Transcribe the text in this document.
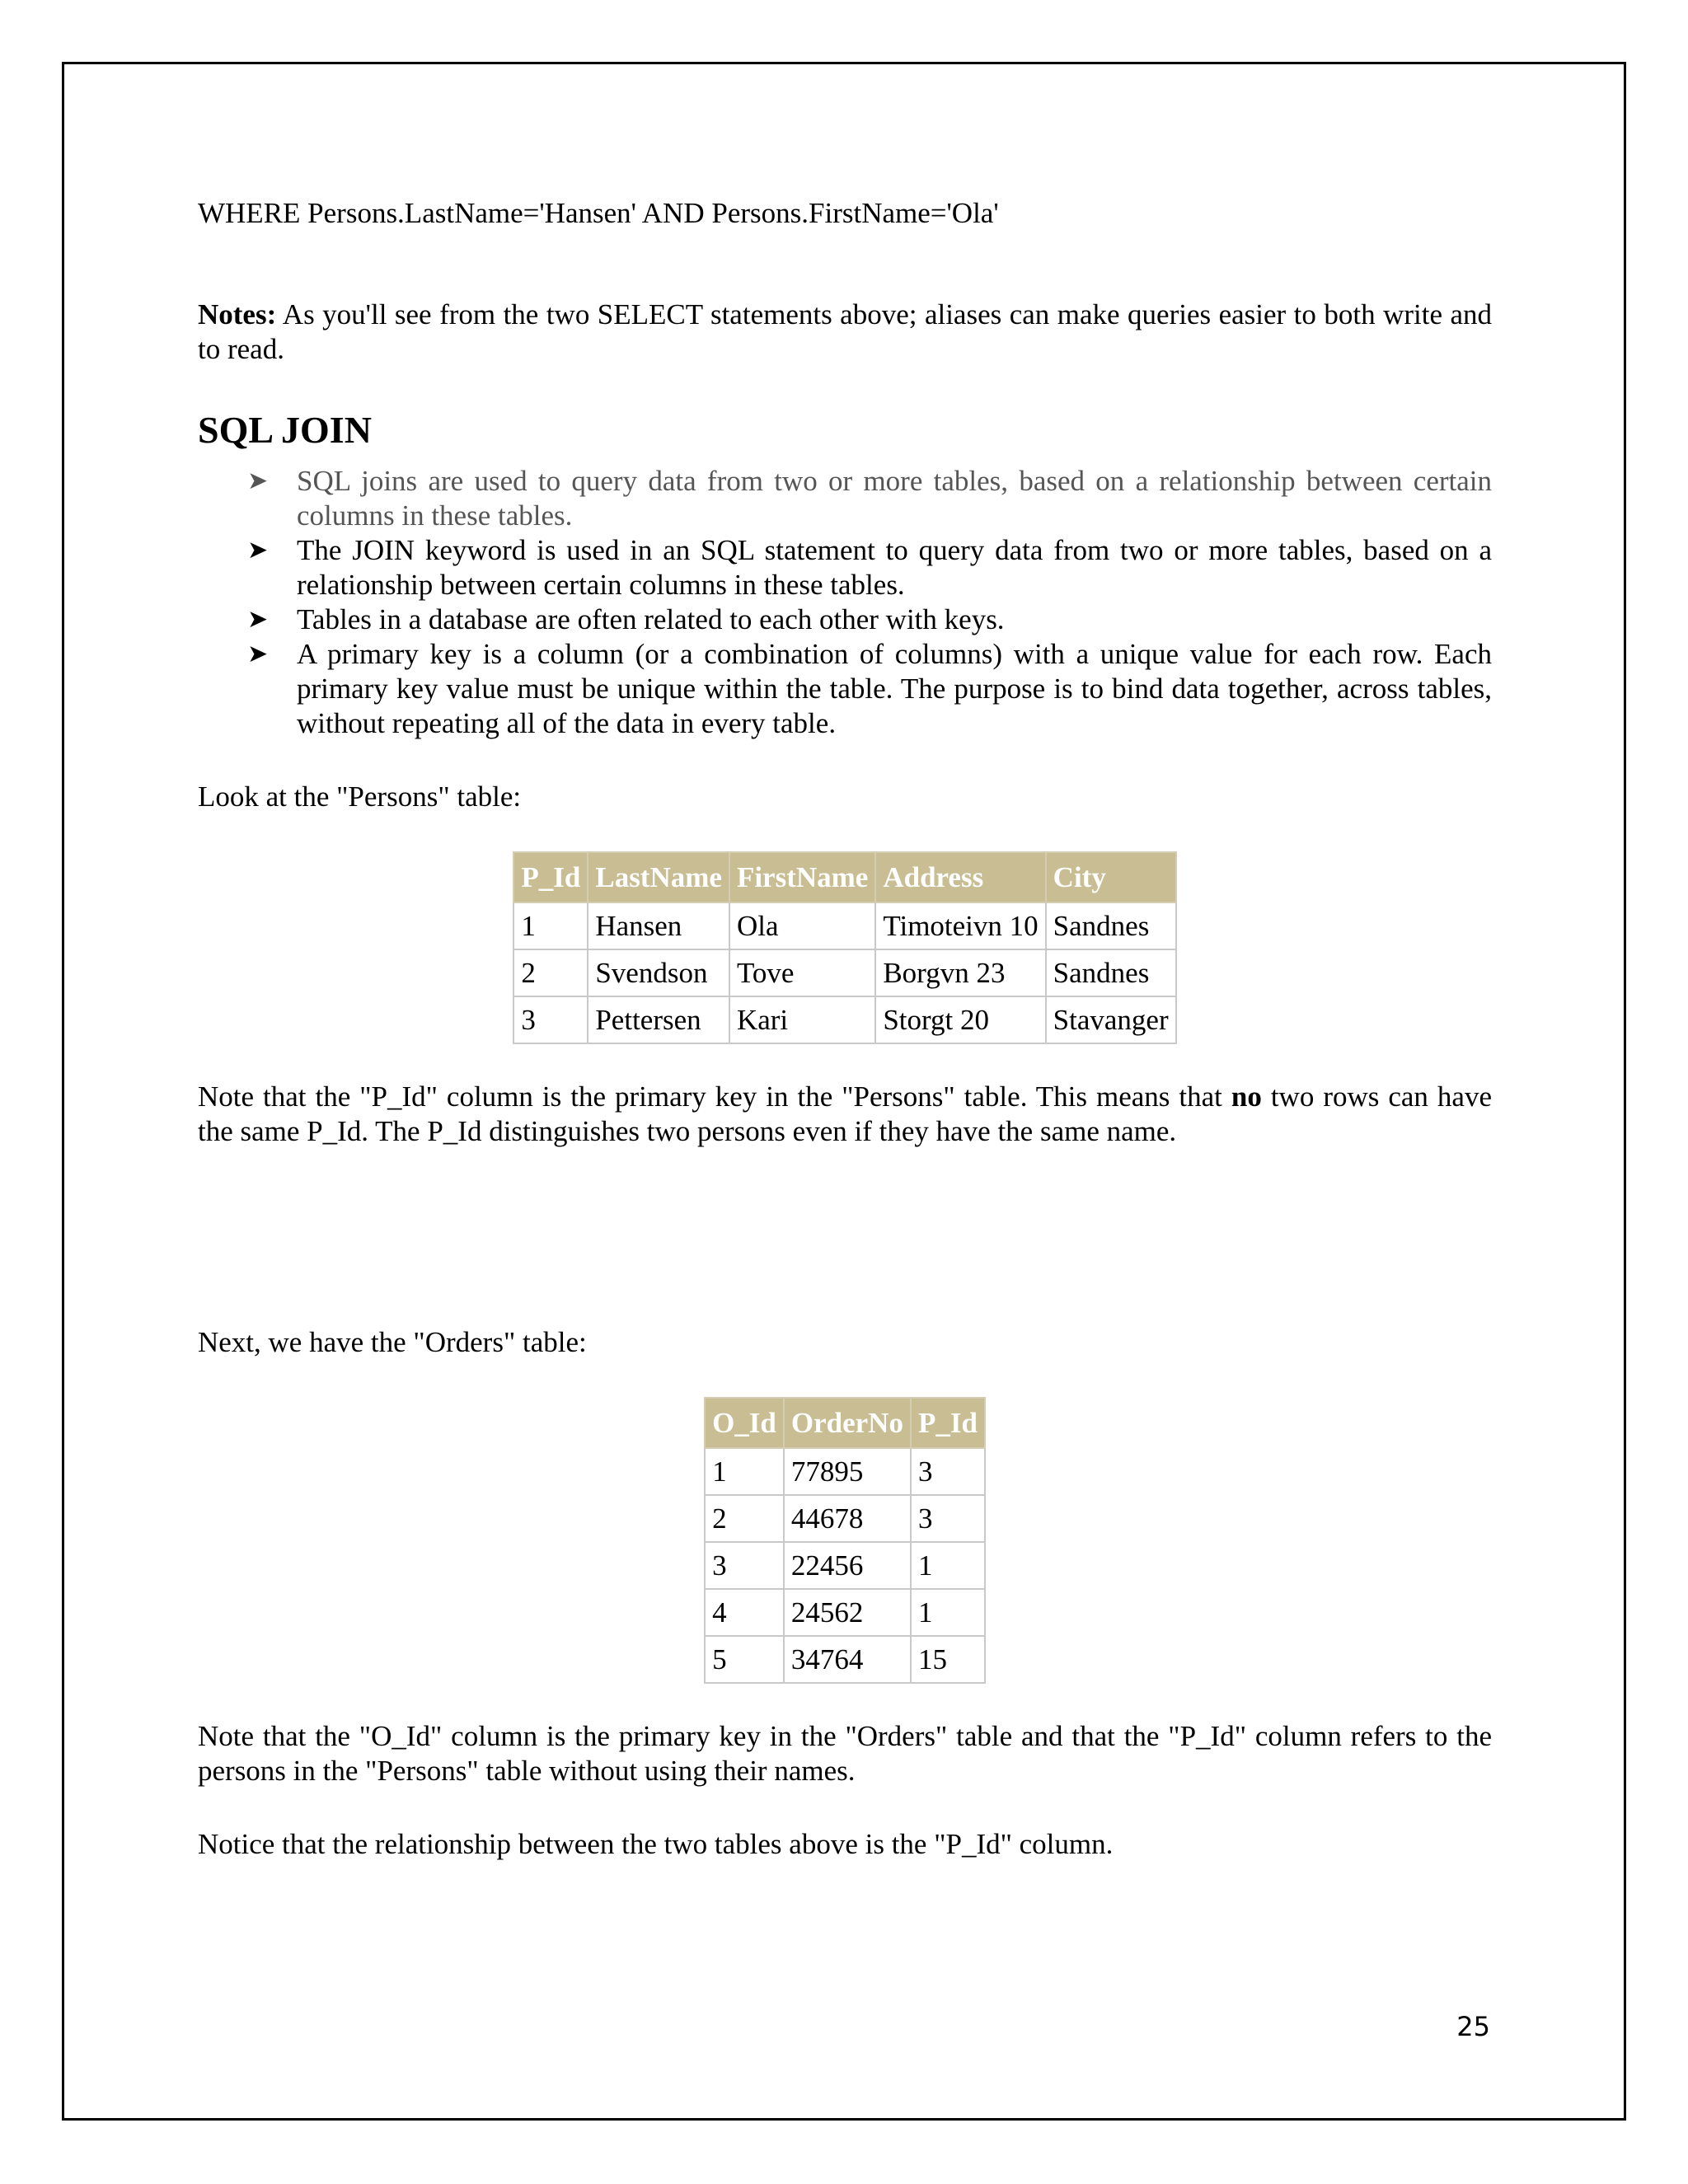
WHERE Persons.LastName='Hansen' AND Persons.FirstName='Ola'

Notes: As you'll see from the two SELECT statements above; aliases can make queries easier to both write and to read.

SQL JOIN
➤ SQL joins are used to query data from two or more tables, based on a relationship between certain columns in these tables.
➤ The JOIN keyword is used in an SQL statement to query data from two or more tables, based on a relationship between certain columns in these tables.
➤ Tables in a database are often related to each other with keys.
➤ A primary key is a column (or a combination of columns) with a unique value for each row. Each primary key value must be unique within the table. The purpose is to bind data together, across tables, without repeating all of the data in every table.

Look at the "Persons" table:

P_Id	LastName	FirstName	Address	City
1	Hansen	Ola	Timoteivn 10	Sandnes
2	Svendson	Tove	Borgvn 23	Sandnes
3	Pettersen	Kari	Storgt 20	Stavanger

Note that the "P_Id" column is the primary key in the "Persons" table. This means that no two rows can have the same P_Id. The P_Id distinguishes two persons even if they have the same name.

Next, we have the "Orders" table:

O_Id	OrderNo	P_Id
1	77895	3
2	44678	3
3	22456	1
4	24562	1
5	34764	15

Note that the "O_Id" column is the primary key in the "Orders" table and that the "P_Id" column refers to the persons in the "Persons" table without using their names.

Notice that the relationship between the two tables above is the "P_Id" column.

25
